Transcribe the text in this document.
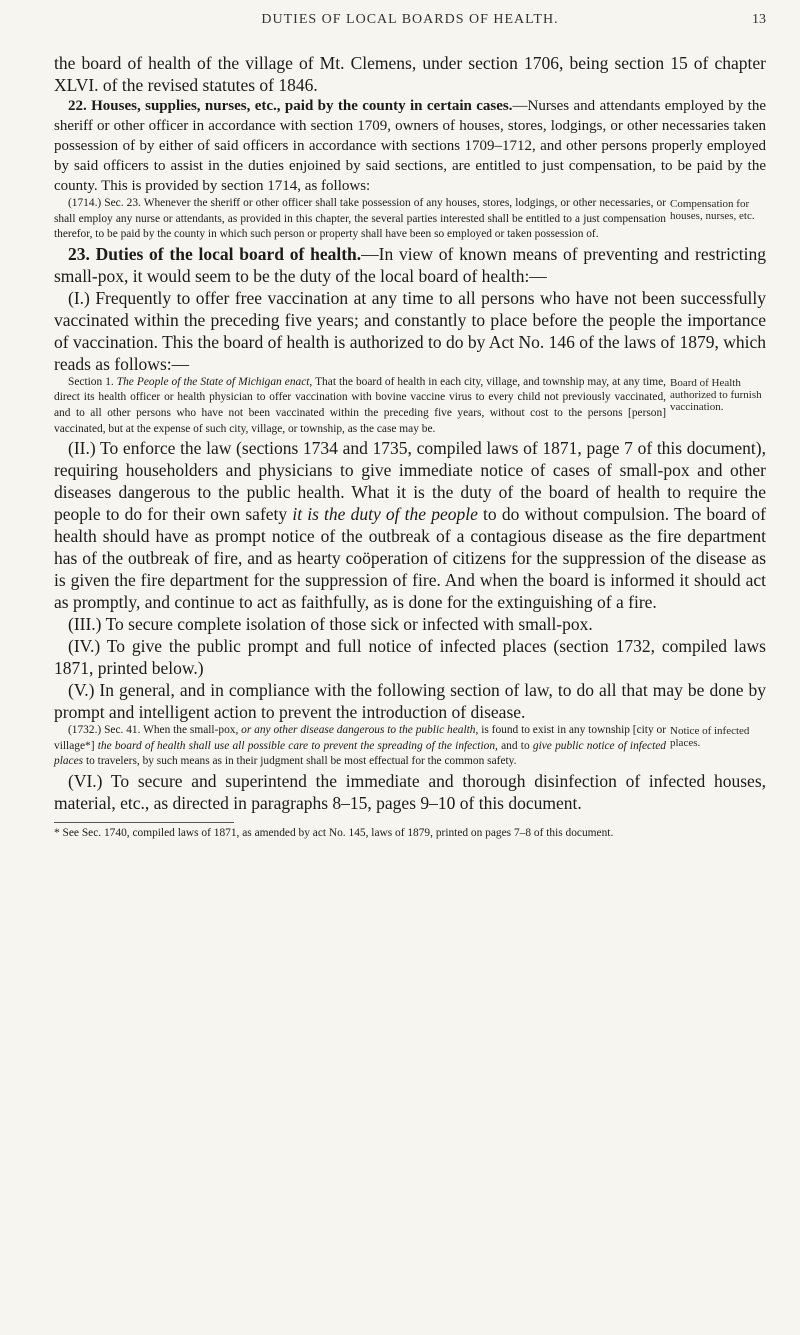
DUTIES OF LOCAL BOARDS OF HEALTH.	13

the board of health of the village of Mt. Clemens, under section 1706, being section 15 of chapter XLVI. of the revised statutes of 1846.

22. Houses, supplies, nurses, etc., paid by the county in certain cases.—Nurses and attendants employed by the sheriff or other officer in accordance with section 1709, owners of houses, stores, lodgings, or other necessaries taken possession of by either of said officers in accordance with sections 1709–1712, and other persons properly employed by said officers to assist in the duties enjoined by said sections, are entitled to just compensation, to be paid by the county. This is provided by section 1714, as follows:

(1714.) Sec. 23. Whenever the sheriff or other officer shall take possession of any houses, stores, lodgings, or other necessaries, or shall employ any nurse or attendants, as provided in this chapter, the several parties interested shall be entitled to a just compensation therefor, to be paid by the county in which such person or property shall have been so employed or taken possession of.

Compensation for houses, nurses, etc.

23. Duties of the local board of health.—In view of known means of preventing and restricting small-pox, it would seem to be the duty of the local board of health:—

(I.) Frequently to offer free vaccination at any time to all persons who have not been successfully vaccinated within the preceding five years; and constantly to place before the people the importance of vaccination. This the board of health is authorized to do by Act No. 146 of the laws of 1879, which reads as follows:—

Section 1. The People of the State of Michigan enact, That the board of health in each city, village, and township may, at any time, direct its health officer or health physician to offer vaccination with bovine vaccine virus to every child not previously vaccinated, and to all other persons who have not been vaccinated within the preceding five years, without cost to the persons [person] vaccinated, but at the expense of such city, village, or township, as the case may be.

Board of Health authorized to furnish vaccination.

(II.) To enforce the law (sections 1734 and 1735, compiled laws of 1871, page 7 of this document), requiring householders and physicians to give immediate notice of cases of small-pox and other diseases dangerous to the public health. What it is the duty of the board of health to require the people to do for their own safety it is the duty of the people to do without compulsion. The board of health should have as prompt notice of the outbreak of a contagious disease as the fire department has of the outbreak of fire, and as hearty coöperation of citizens for the suppression of the disease as is given the fire department for the suppression of fire. And when the board is informed it should act as promptly, and continue to act as faithfully, as is done for the extinguishing of a fire.

(III.) To secure complete isolation of those sick or infected with small-pox.

(IV.) To give the public prompt and full notice of infected places (section 1732, compiled laws 1871, printed below.)

(V.) In general, and in compliance with the following section of law, to do all that may be done by prompt and intelligent action to prevent the introduction of disease.

(1732.) Sec. 41. When the small-pox, or any other disease dangerous to the public health, is found to exist in any township [city or village*] the board of health shall use all possible care to prevent the spreading of the infection, and to give public notice of infected places to travelers, by such means as in their judgment shall be most effectual for the common safety.

Notice of infected places.

(VI.) To secure and superintend the immediate and thorough disinfection of infected houses, material, etc., as directed in paragraphs 8–15, pages 9–10 of this document.

* See Sec. 1740, compiled laws of 1871, as amended by act No. 145, laws of 1879, printed on pages 7–8 of this document.
